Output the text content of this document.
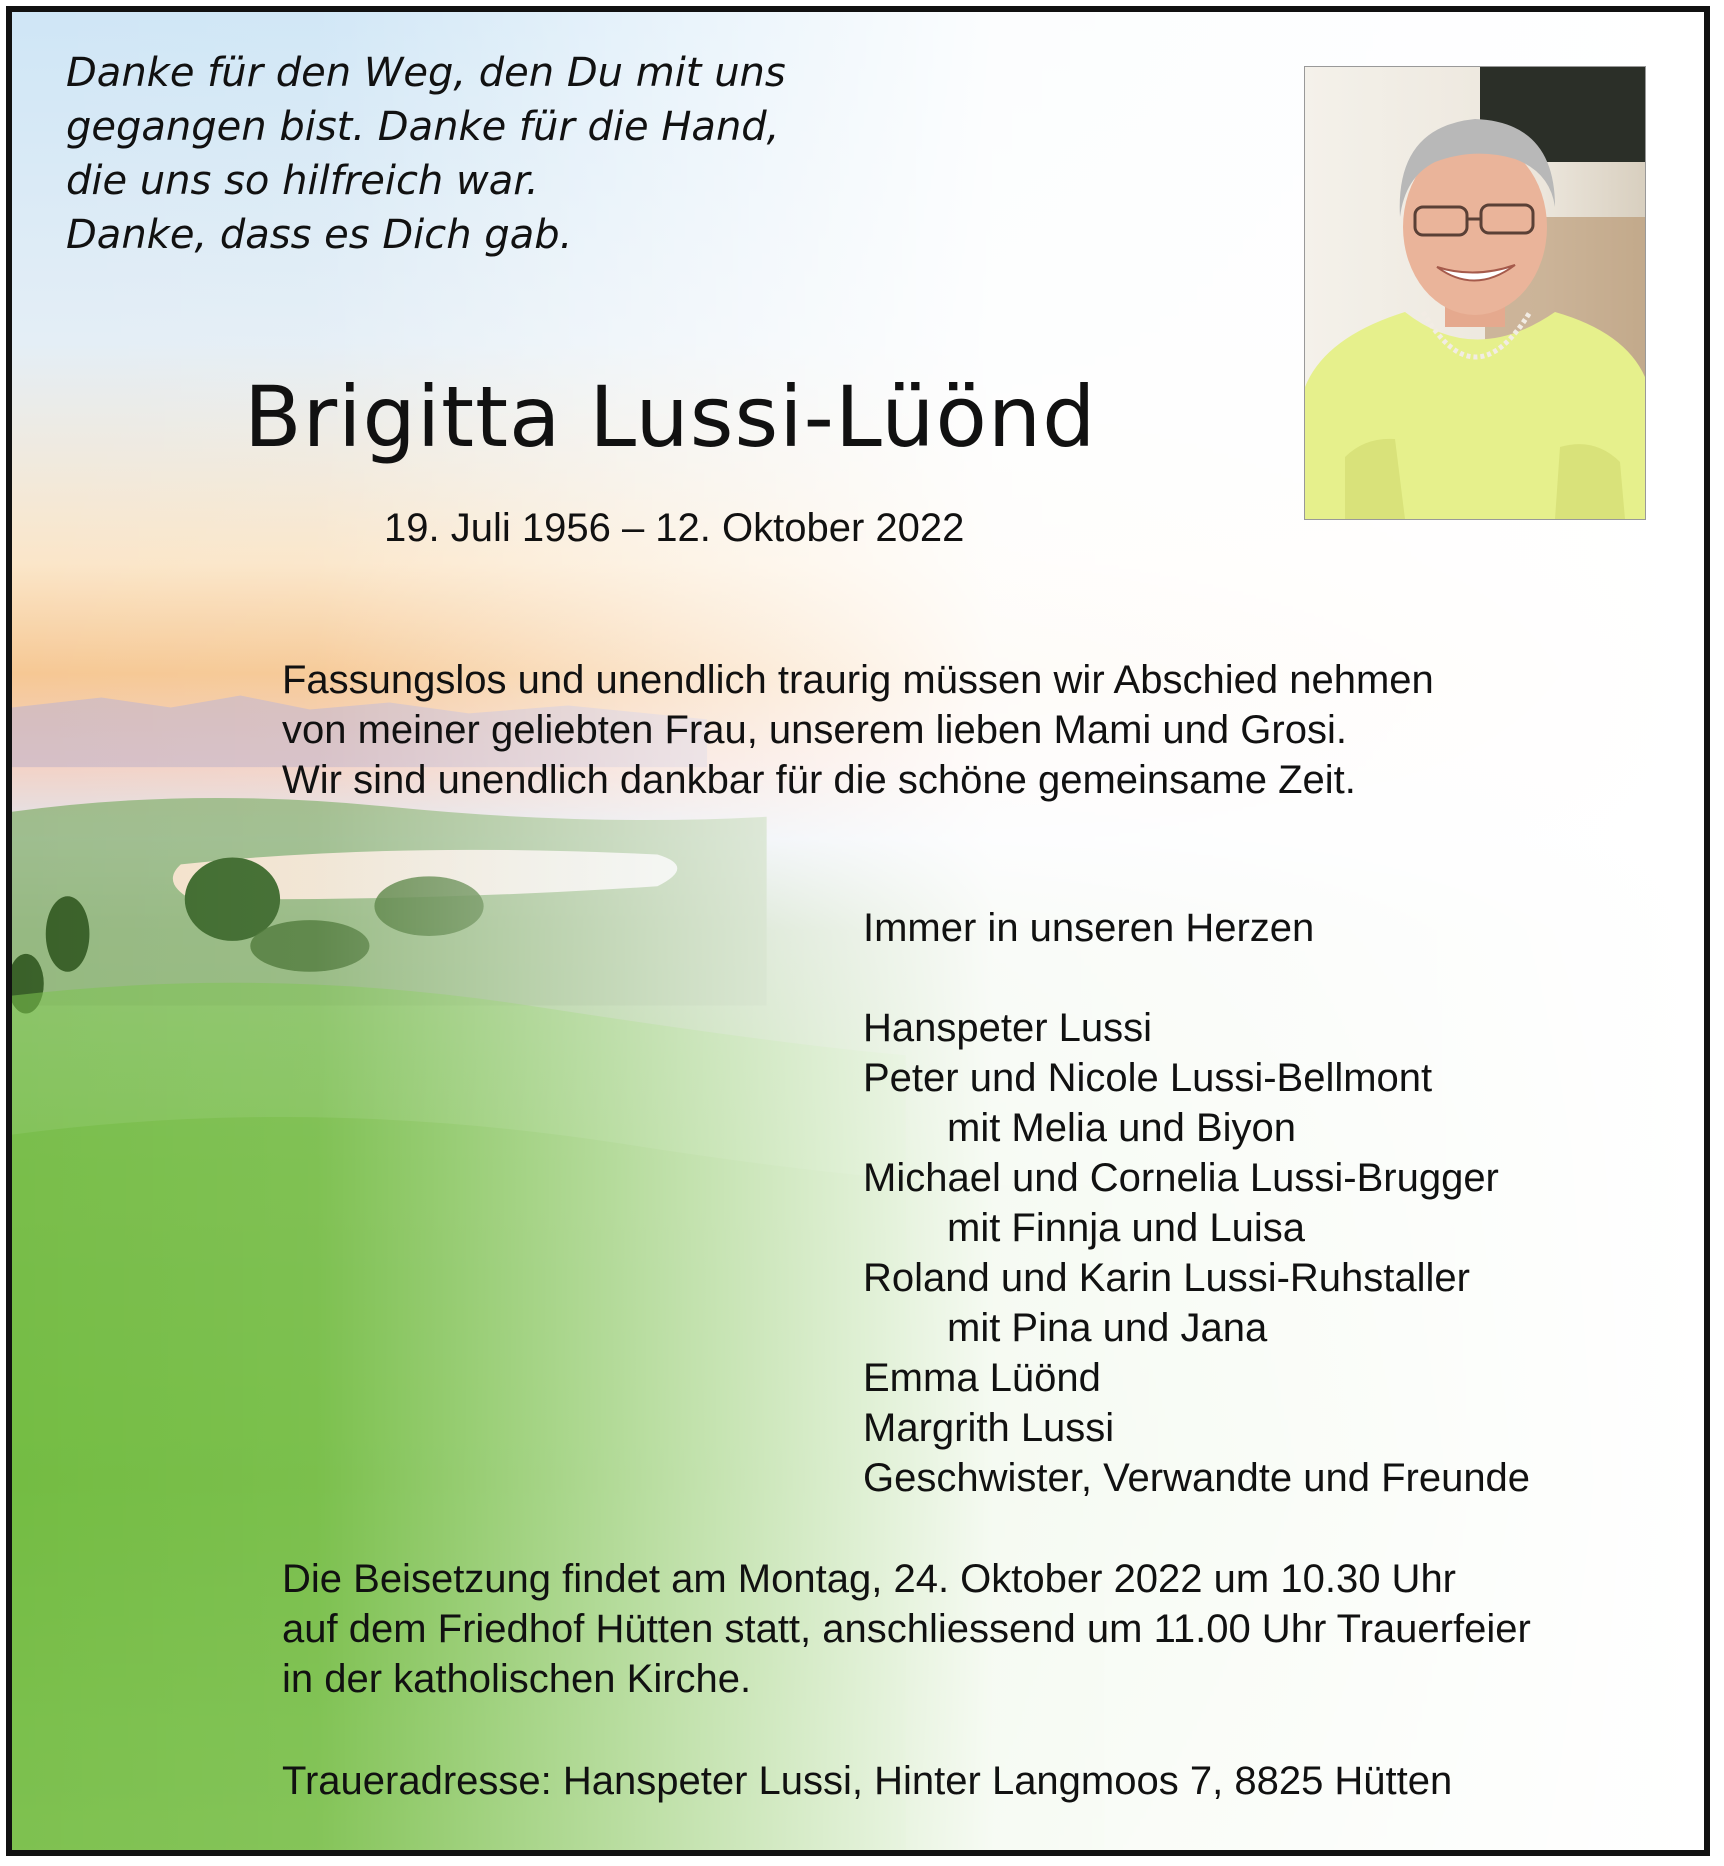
Danke für den Weg, den Du mit uns
gegangen bist. Danke für die Hand,
die uns so hilfreich war.
Danke, dass es Dich gab.
Brigitta Lussi-Lüönd
19. Juli 1956 – 12. Oktober 2022
Fassungslos und unendlich traurig müssen wir Abschied nehmen
von meiner geliebten Frau, unserem lieben Mami und Grosi.
Wir sind unendlich dankbar für die schöne gemeinsame Zeit.
Immer in unseren Herzen
Hanspeter Lussi
Peter und Nicole Lussi-Bellmont
mit Melia und Biyon
Michael und Cornelia Lussi-Brugger
mit Finnja und Luisa
Roland und Karin Lussi-Ruhstaller
mit Pina und Jana
Emma Lüönd
Margrith Lussi
Geschwister, Verwandte und Freunde
Die Beisetzung findet am Montag, 24. Oktober 2022 um 10.30 Uhr
auf dem Friedhof Hütten statt, anschliessend um 11.00 Uhr Trauerfeier
in der katholischen Kirche.
Traueradresse: Hanspeter Lussi, Hinter Langmoos 7, 8825 Hütten
